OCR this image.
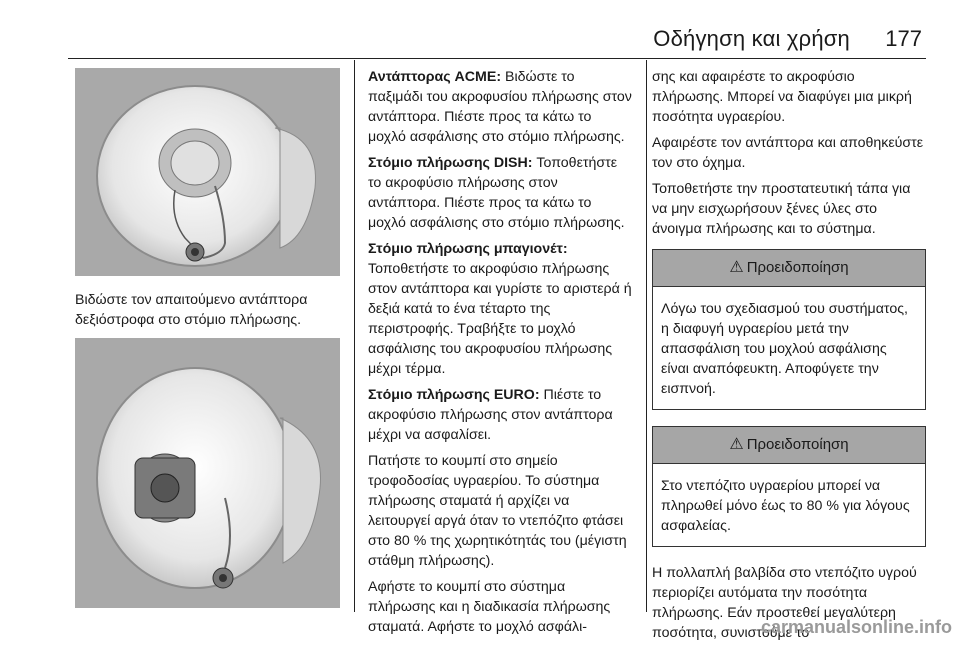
Οδήγηση και χρήση 177
Βιδώστε τον απαιτούμενο αντάπτορα δεξιόστροφα στο στόμιο πλήρωσης.

Αντάπτορας ACME: Βιδώστε το παξιμάδι του ακροφυσίου πλήρωσης στον αντάπτορα. Πιέστε προς τα κάτω το μοχλό ασφάλισης στο στόμιο πλήρωσης.

Στόμιο πλήρωσης DISH: Τοποθετήστε το ακροφύσιο πλήρωσης στον αντάπτορα. Πιέστε προς τα κάτω το μοχλό ασφάλισης στο στόμιο πλήρωσης.

Στόμιο πλήρωσης μπαγιονέτ: Τοποθετήστε το ακροφύσιο πλήρωσης στον αντάπτορα και γυρίστε το αριστερά ή δεξιά κατά το ένα τέταρτο της περιστροφής. Τραβήξτε το μοχλό ασφάλισης του ακροφυσίου πλήρωσης μέχρι τέρμα.

Στόμιο πλήρωσης EURO: Πιέστε το ακροφύσιο πλήρωσης στον αντάπτορα μέχρι να ασφαλίσει.

Πατήστε το κουμπί στο σημείο τροφοδοσίας υγραερίου. Το σύστημα πλήρωσης σταματά ή αρχίζει να λειτουργεί αργά όταν το ντεπόζιτο φτάσει στο 80 % της χωρητικότητάς του (μέγιστη στάθμη πλήρωσης).

Αφήστε το κουμπί στο σύστημα πλήρωσης και η διαδικασία πλήρωσης σταματά. Αφήστε το μοχλό ασφάλι-

σης και αφαιρέστε το ακροφύσιο πλήρωσης. Μπορεί να διαφύγει μια μικρή ποσότητα υγραερίου.

Αφαιρέστε τον αντάπτορα και αποθηκεύστε τον στο όχημα.

Τοποθετήστε την προστατευτική τάπα για να μην εισχωρήσουν ξένες ύλες στο άνοιγμα πλήρωσης και το σύστημα.

⚠ Προειδοποίηση
Λόγω του σχεδιασμού του συστήματος, η διαφυγή υγραερίου μετά την απασφάλιση του μοχλού ασφάλισης είναι αναπόφευκτη. Αποφύγετε την εισπνοή.
⚠ Προειδοποίηση
Στο ντεπόζιτο υγραερίου μπορεί να πληρωθεί μόνο έως το 80 % για λόγους ασφαλείας.

Η πολλαπλή βαλβίδα στο ντεπόζιτο υγρού περιορίζει αυτόματα την ποσότητα πλήρωσης. Εάν προστεθεί μεγαλύτερη ποσότητα, συνιστούμε το

carmanualsonline.info
